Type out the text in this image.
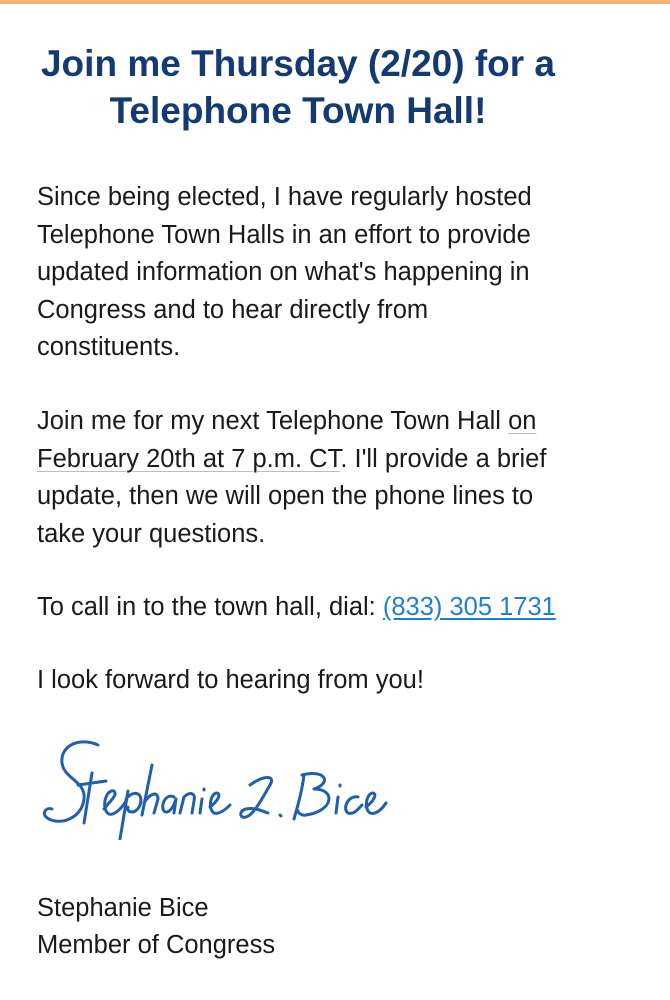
Join me Thursday (2/20) for a
Telephone Town Hall!

Since being elected, I have regularly hosted
Telephone Town Halls in an effort to provide
updated information on what's happening in
Congress and to hear directly from
constituents.

Join me for my next Telephone Town Hall on
February 20th at 7 p.m. CT. I'll provide a brief
update, then we will open the phone lines to
take your questions.

To call in to the town hall, dial: (833) 305 1731

I look forward to hearing from you!

Stephanie Bice
Member of Congress
